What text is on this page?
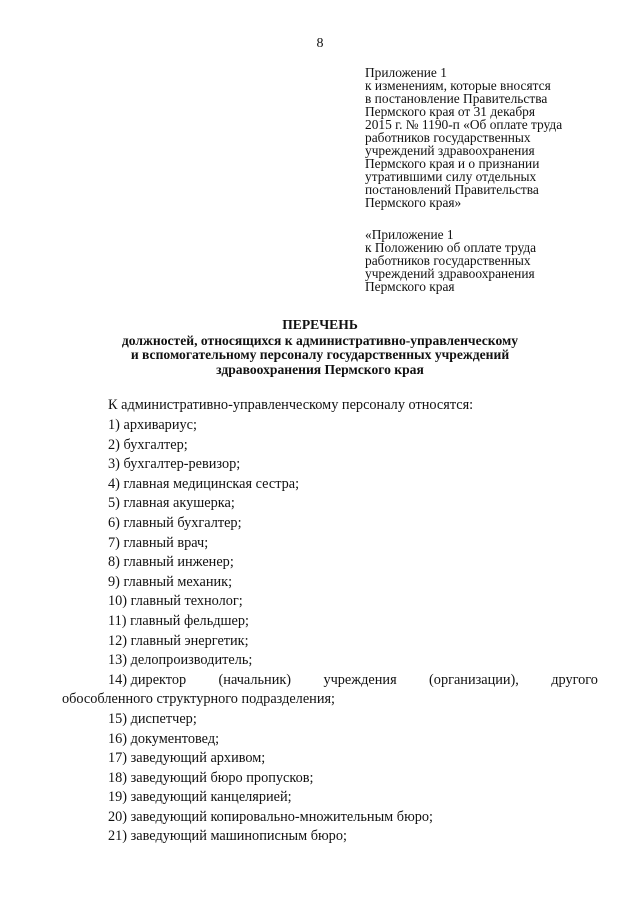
8
Приложение 1
к изменениям, которые вносятся
в постановление Правительства
Пермского края от 31 декабря
2015 г. № 1190-п «Об оплате труда
работников государственных
учреждений здравоохранения
Пермского края и о признании
утратившими силу отдельных
постановлений Правительства
Пермского края»
«Приложение 1
к Положению об оплате труда
работников государственных
учреждений здравоохранения
Пермского края
ПЕРЕЧЕНЬ
должностей, относящихся к административно-управленческому
и вспомогательному персоналу государственных учреждений
здравоохранения Пермского края
К административно-управленческому персоналу относятся:
1) архивариус;
2) бухгалтер;
3) бухгалтер-ревизор;
4) главная медицинская сестра;
5) главная акушерка;
6) главный бухгалтер;
7) главный врач;
8) главный инженер;
9) главный механик;
10) главный технолог;
11) главный фельдшер;
12) главный энергетик;
13) делопроизводитель;
14) директор (начальник) учреждения (организации), другого
обособленного структурного подразделения;
15) диспетчер;
16) документовед;
17) заведующий архивом;
18) заведующий бюро пропусков;
19) заведующий канцелярией;
20) заведующий копировально-множительным бюро;
21) заведующий машинописным бюро;
